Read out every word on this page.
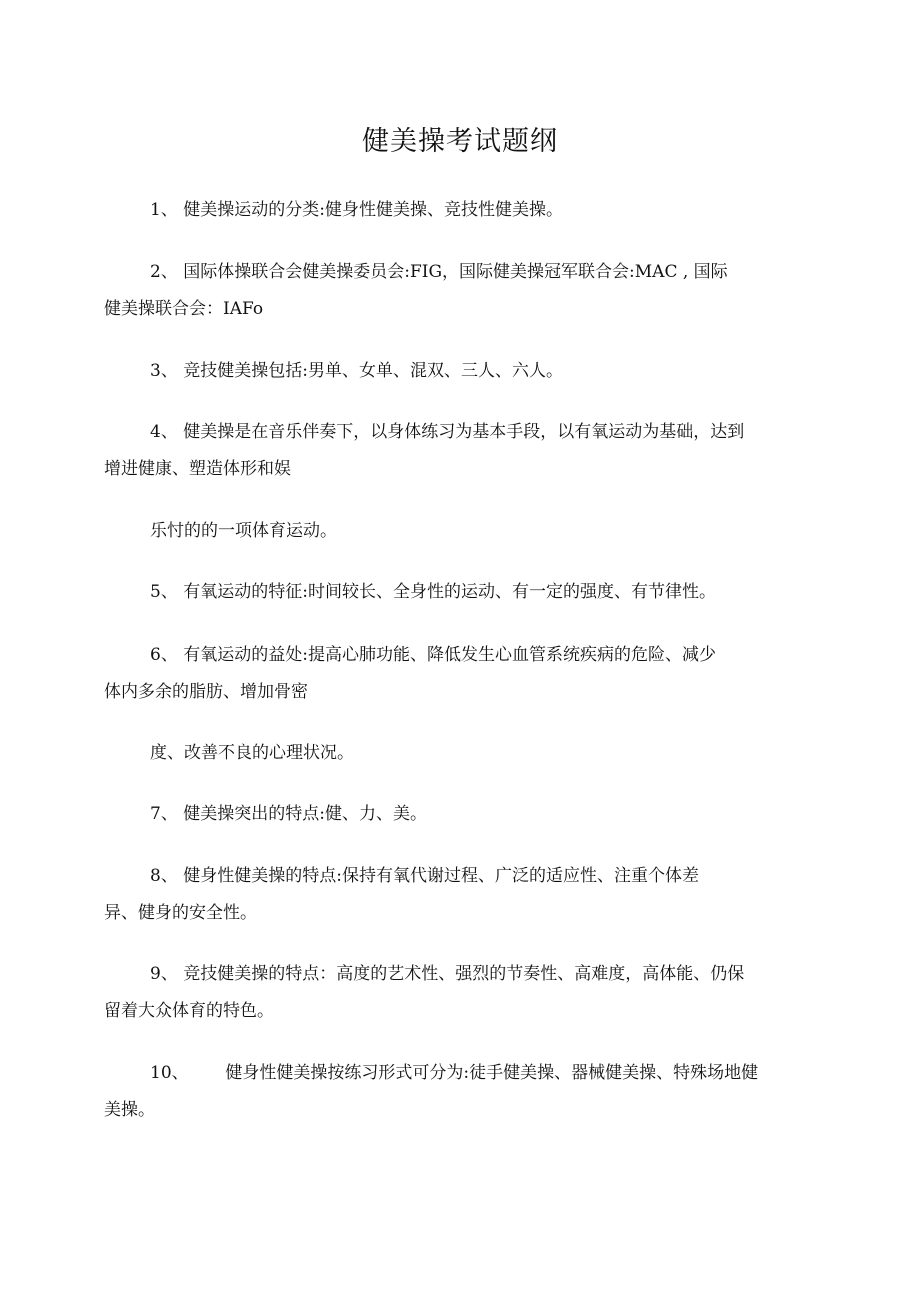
健美操考试题纲
1、 健美操运动的分类:健身性健美操、竞技性健美操。
2、 国际体操联合会健美操委员会:FIG，国际健美操冠军联合会:MAC , 国际
健美操联合会：IAFo
3、 竞技健美操包括:男单、女单、混双、三人、六人。
4、 健美操是在音乐伴奏下，以身体练习为基本手段，以有氧运动为基础，达到
增进健康、塑造体形和娱
乐忖的的一项体育运动。
5、 有氧运动的特征:时间较长、全身性的运动、有一定的强度、有节律性。
6、 有氧运动的益处:提高心肺功能、降低发生心血管系统疾病的危险、减少
体内多余的脂肪、增加骨密
度、改善不良的心理状况。
7、 健美操突出的特点:健、力、美。
8、 健身性健美操的特点:保持有氧代谢过程、广泛的适应性、注重个体差
异、健身的安全性。
9、 竞技健美操的特点：高度的艺术性、强烈的节奏性、高难度，高体能、仍保
留着大众体育的特色。
10、 健身性健美操按练习形式可分为:徒手健美操、器械健美操、特殊场地健
美操。
